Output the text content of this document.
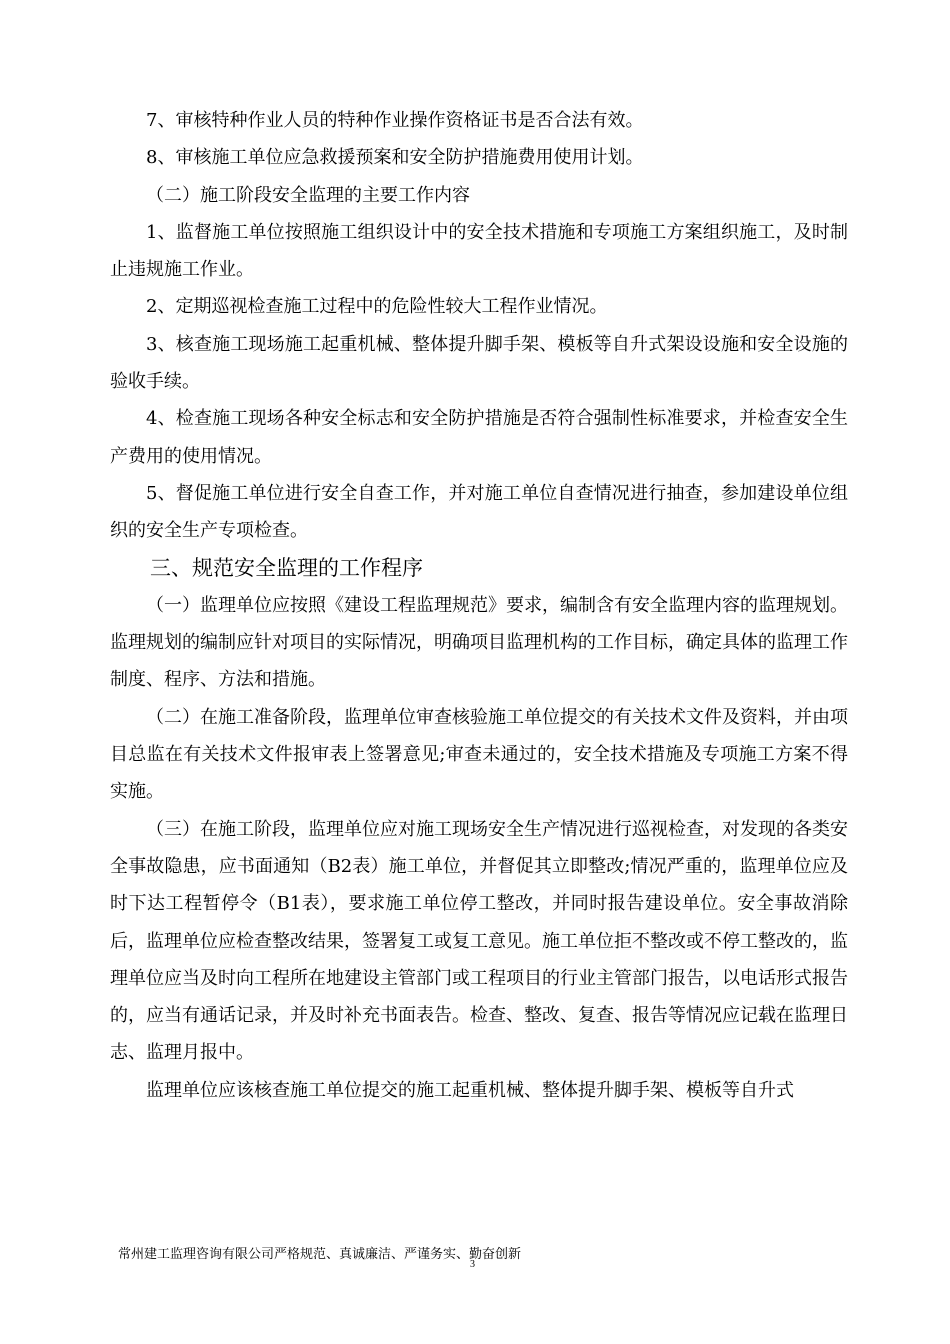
7、审核特种作业人员的特种作业操作资格证书是否合法有效。

8、审核施工单位应急救援预案和安全防护措施费用使用计划。

（二）施工阶段安全监理的主要工作内容

1、监督施工单位按照施工组织设计中的安全技术措施和专项施工方案组织施工，及时制止违规施工作业。

2、定期巡视检查施工过程中的危险性较大工程作业情况。

3、核查施工现场施工起重机械、整体提升脚手架、模板等自升式架设设施和安全设施的验收手续。

4、检查施工现场各种安全标志和安全防护措施是否符合强制性标准要求，并检查安全生产费用的使用情况。

5、督促施工单位进行安全自查工作，并对施工单位自查情况进行抽查，参加建设单位组织的安全生产专项检查。

三、规范安全监理的工作程序

（一）监理单位应按照《建设工程监理规范》要求，编制含有安全监理内容的监理规划。监理规划的编制应针对项目的实际情况，明确项目监理机构的工作目标，确定具体的监理工作制度、程序、方法和措施。

（二）在施工准备阶段，监理单位审查核验施工单位提交的有关技术文件及资料，并由项目总监在有关技术文件报审表上签署意见;审查未通过的，安全技术措施及专项施工方案不得实施。

（三）在施工阶段，监理单位应对施工现场安全生产情况进行巡视检查，对发现的各类安全事故隐患，应书面通知（B2表）施工单位，并督促其立即整改;情况严重的，监理单位应及时下达工程暂停令（B1表），要求施工单位停工整改，并同时报告建设单位。安全事故消除后，监理单位应检查整改结果，签署复工或复工意见。施工单位拒不整改或不停工整改的，监理单位应当及时向工程所在地建设主管部门或工程项目的行业主管部门报告，以电话形式报告的，应当有通话记录，并及时补充书面表告。检查、整改、复查、报告等情况应记载在监理日志、监理月报中。

监理单位应该核查施工单位提交的施工起重机械、整体提升脚手架、模板等自升式

常州建工监理咨询有限公司严格规范、真诚廉洁、严谨务实、勤奋创新
3
